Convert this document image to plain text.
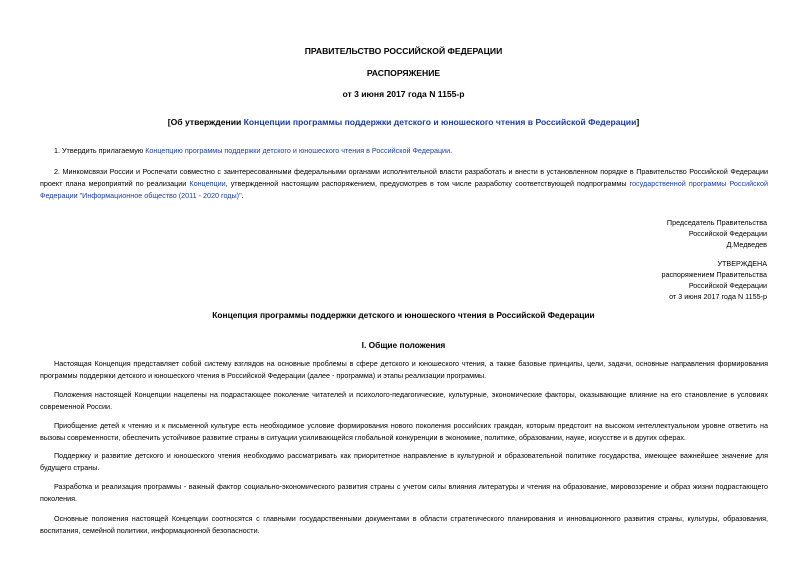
ПРАВИТЕЛЬСТВО РОССИЙСКОЙ ФЕДЕРАЦИИ
РАСПОРЯЖЕНИЕ
от 3 июня 2017 года N 1155-р
[Об утверждении Концепции программы поддержки детского и юношеского чтения в Российской Федерации]
1. Утвердить прилагаемую Концепцию программы поддержки детского и юношеского чтения в Российской Федерации.
2. Минкомсвязи России и Роспечати совместно с заинтересованными федеральными органами исполнительной власти разработать и внести в установленном порядке в Правительство Российской Федерации проект плана мероприятий по реализации Концепции, утвержденной настоящим распоряжением, предусмотрев в том числе разработку соответствующей подпрограммы государственной программы Российской Федерации "Информационное общество (2011 - 2020 годы)".
Председатель Правительства
Российской Федерации
Д.Медведев
УТВЕРЖДЕНА
распоряжением Правительства
Российской Федерации
от 3 июня 2017 года N 1155-р
Концепция программы поддержки детского и юношеского чтения в Российской Федерации
I. Общие положения
Настоящая Концепция представляет собой систему взглядов на основные проблемы в сфере детского и юношеского чтения, а также базовые принципы, цели, задачи, основные направления формирования программы поддержки детского и юношеского чтения в Российской Федерации (далее - программа) и этапы реализации программы.
Положения настоящей Концепции нацелены на подрастающее поколение читателей и психолого-педагогические, культурные, экономические факторы, оказывающие влияние на его становление в условиях современной России.
Приобщение детей к чтению и к письменной культуре есть необходимое условие формирования нового поколения российских граждан, которым предстоит на высоком интеллектуальном уровне ответить на вызовы современности, обеспечить устойчивое развитие страны в ситуации усиливающейся глобальной конкуренции в экономике, политике, образовании, науке, искусстве и в других сферах.
Поддержку и развитие детского и юношеского чтения необходимо рассматривать как приоритетное направление в культурной и образовательной политике государства, имеющее важнейшее значение для будущего страны.
Разработка и реализация программы - важный фактор социально-экономического развития страны с учетом силы влияния литературы и чтения на образование, мировоззрение и образ жизни подрастающего поколения.
Основные положения настоящей Концепции соотносятся с главными государственными документами в области стратегического планирования и инновационного развития страны, культуры, образования, воспитания, семейной политики, информационной безопасности.
